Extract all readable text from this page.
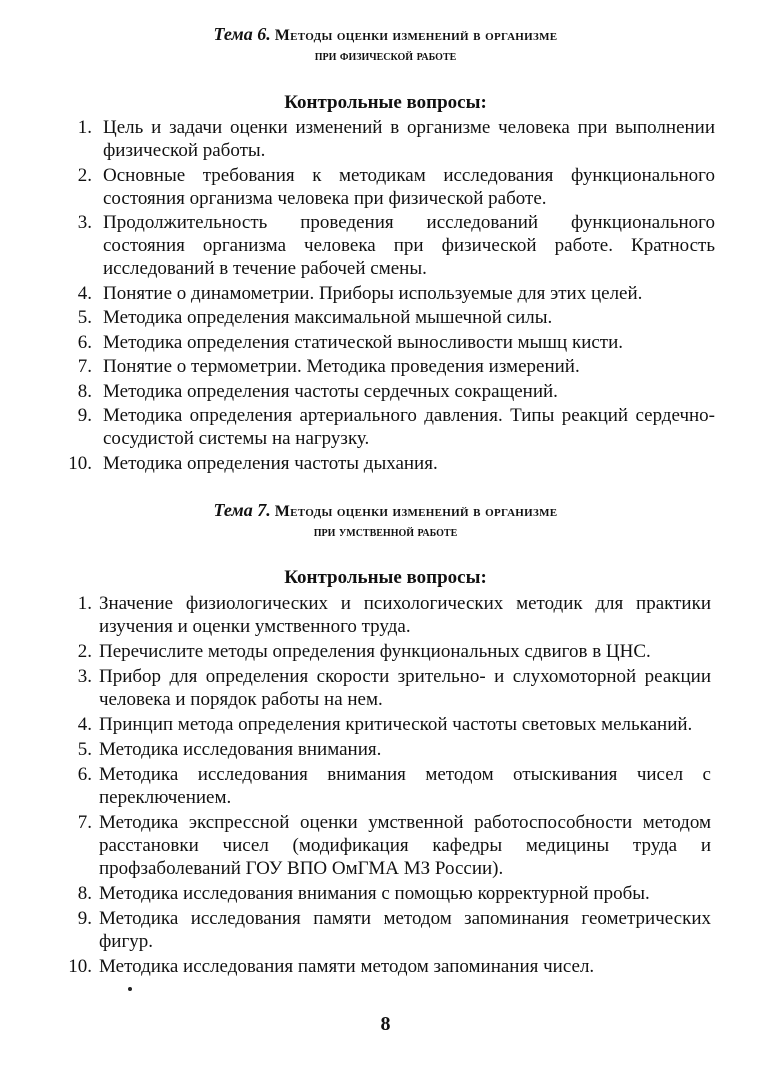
Тема 6. Методы оценки изменений в организме
при физической работе
Контрольные вопросы:
1. Цель и задачи оценки изменений в организме человека при выполнении физической работы.
2. Основные требования к методикам исследования функционального состояния организма человека при физической работе.
3. Продолжительность проведения исследований функционального состояния организма человека при физической работе. Кратность исследований в течение рабочей смены.
4. Понятие о динамометрии. Приборы используемые для этих целей.
5. Методика определения максимальной мышечной силы.
6. Методика определения статической выносливости мышц кисти.
7. Понятие о термометрии. Методика проведения измерений.
8. Методика определения частоты сердечных сокращений.
9. Методика определения артериального давления. Типы реакций сердечно-сосудистой системы на нагрузку.
10. Методика определения частоты дыхания.
Тема 7. Методы оценки изменений в организме
при умственной работе
Контрольные вопросы:
1. Значение физиологических и психологических методик для практики изучения и оценки умственного труда.
2. Перечислите методы определения функциональных сдвигов в ЦНС.
3. Прибор для определения скорости зрительно- и слухомоторной реакции человека и порядок работы на нем.
4. Принцип метода определения критической частоты световых мельканий.
5. Методика исследования внимания.
6. Методика исследования внимания методом отыскивания чисел с переключением.
7. Методика экспрессной оценки умственной работоспособности методом расстановки чисел (модификация кафедры медицины труда и профзаболеваний ГОУ ВПО ОмГМА МЗ России).
8. Методика исследования внимания с помощью корректурной пробы.
9. Методика исследования памяти методом запоминания геометрических фигур.
10. Методика исследования памяти методом запоминания чисел.
8
